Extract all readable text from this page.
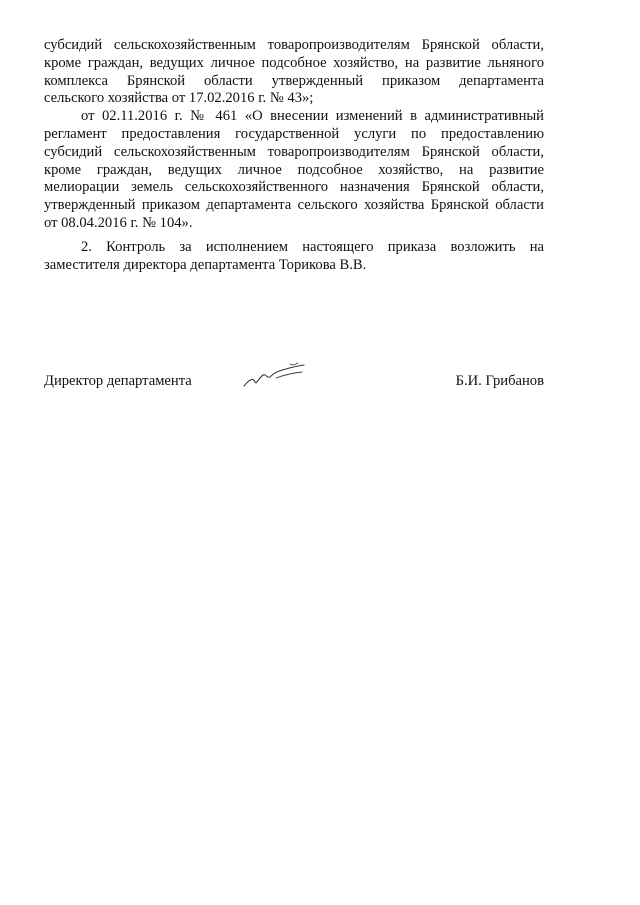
субсидий сельскохозяйственным товаропроизводителям Брянской области,
кроме граждан, ведущих личное подсобное хозяйство, на развитие льняного
комплекса Брянской области утвержденный приказом департамента
сельского хозяйства от 17.02.2016 г. № 43»;
от 02.11.2016 г. № 461 «О внесении изменений в административный
регламент предоставления государственной услуги по предоставлению
субсидий сельскохозяйственным товаропроизводителям Брянской области,
кроме граждан, ведущих личное подсобное хозяйство, на развитие
мелиорации земель сельскохозяйственного назначения Брянской области,
утвержденный приказом департамента сельского хозяйства Брянской области
от 08.04.2016 г. № 104».
2. Контроль за исполнением настоящего приказа возложить на
заместителя директора департамента Торикова В.В.
Директор департамента	Б.И. Грибанов
